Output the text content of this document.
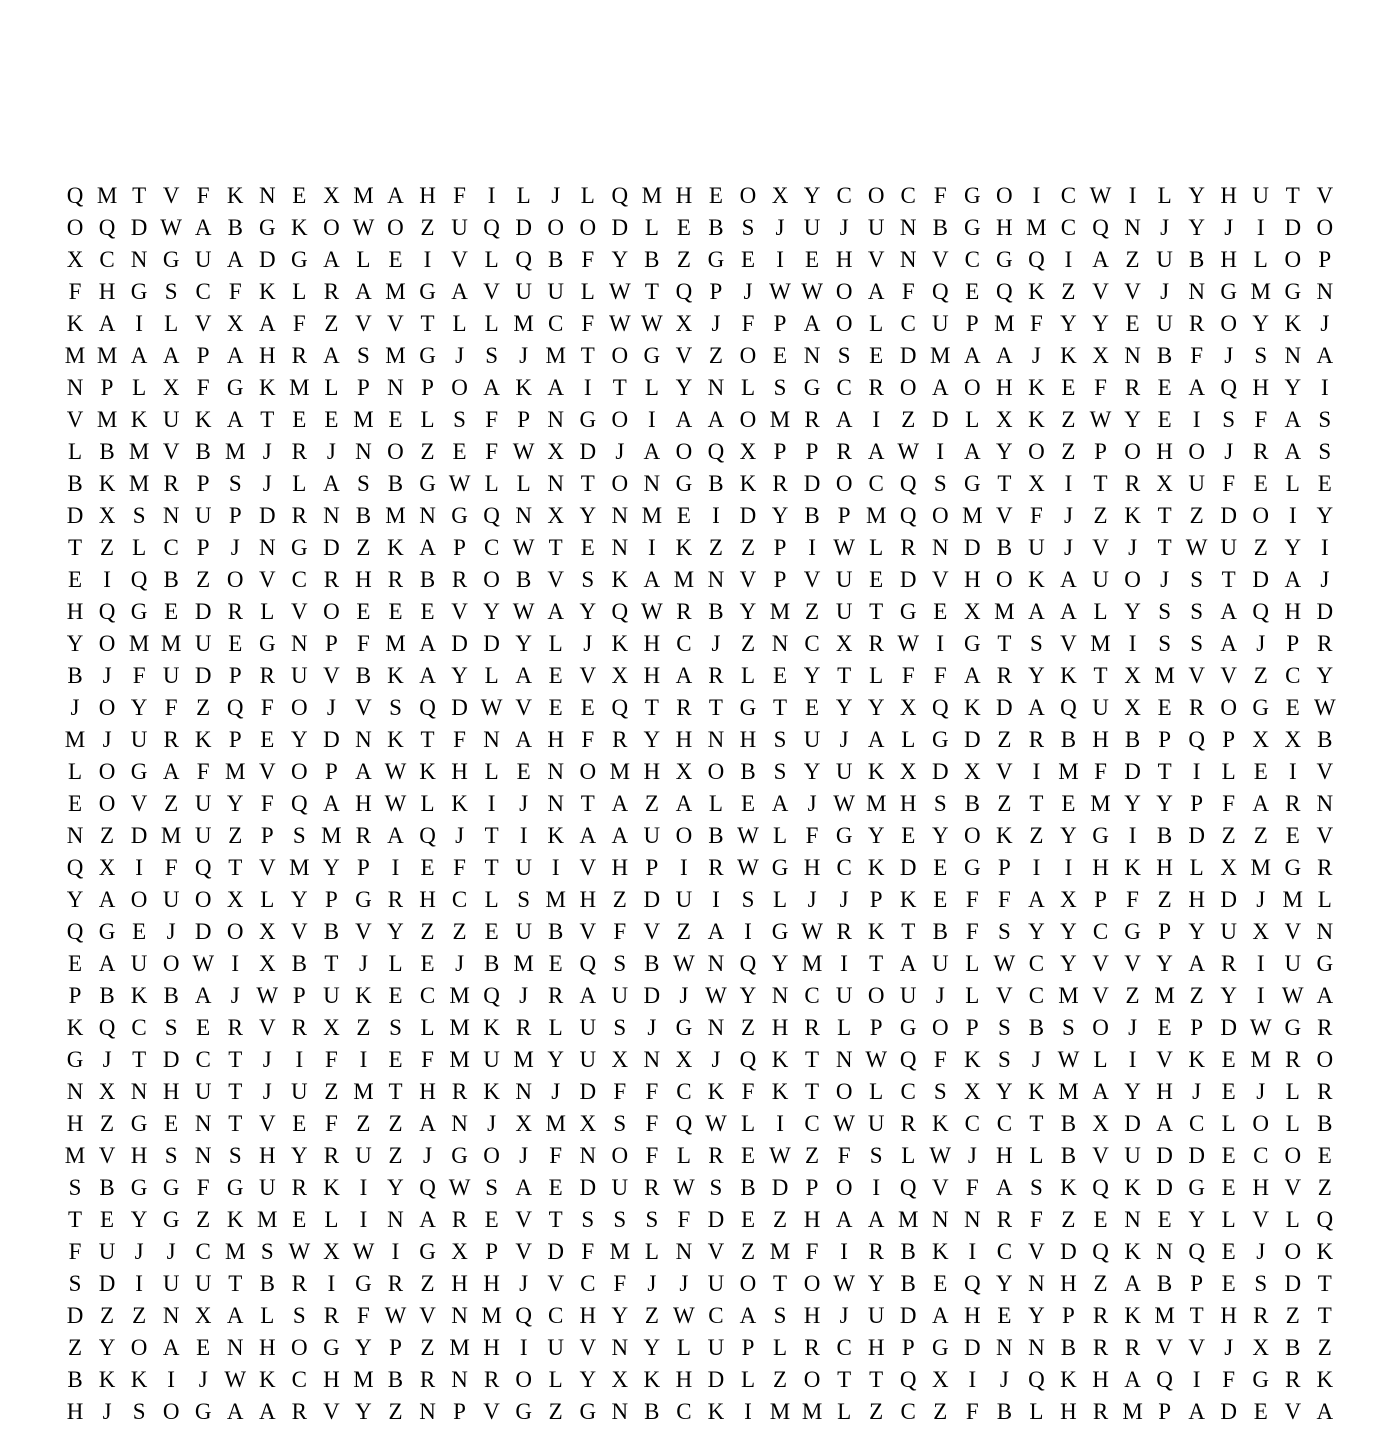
Q M T V F K N E X M A H F I L J L Q M H E O X Y C O C F G O I C W I L Y H U T V
O Q D W A B G K O W O Z U Q D O O D L E B S J U J U N B G H M C Q N J Y J	I D O
X C N G U A D G A L E I V L Q B F Y B Z G E I E H V N V C G Q I A Z U B H L O P
F H G S C F K L R A M G A V U U L W T Q P J W W O A F Q E Q K Z V V J N G M G N
K A I L V X A F Z V V T L L M C F W W X J F P A O L C U P M F Y Y E U R O Y K J
M M A A P A H R A S M G J S J M T O G V Z O E N S E D M A A J K X N B F J S N A
N P L X F G K M L P N P O A K A I T L Y N L S G C R O A O H K E F R E A Q H Y I
V M K U K A T E E M E L S F P N G O I A A O M R A I Z D L X K Z W Y E I S F A S
L B M V B M J R J N O Z E F W X D J A O Q X P P R A W I A Y O Z P O H O J R A S
B K M R P S J L A S B G W L L N T O N G B K R D O C Q S G T X I T R X U F E L E
D X S N U P D R N B M N G Q N X Y N M E I D Y B P M Q O M V F J Z K T Z D O I Y
T Z L C P J N G D Z K A P C W T E N I K Z Z P I W L R N D B U J V J T W U Z Y I
E I Q B Z O V C R H R B R O B V S K A M N V P V U E D V H O K A U O J S T D A J
H Q G E D R L V O E E E V Y W A Y Q W R B Y M Z U T G E X M A A L Y S S A Q H D
Y O M M U E G N P F M A D D Y L J K H C J Z N C X R W I G T S V M I S S A J P R
B J F U D P R U V B K A Y L A E V X H A R L E Y T L F F A R Y K T X M V V Z C Y
J O Y F Z Q F O J V S Q D W V E E Q T R T G T E Y Y X Q K D A Q U X E R O G E W
M J U R K P E Y D N K T F N A H F R Y H N H S U J A L G D Z R B H B P Q P X X B
L O G A F M V O P A W K H L E N O M H X O B S Y U K X D X V I M F D T I L E I V
E O V Z U Y F Q A H W L K I	J N T A Z A L E A J W M H S B Z T E M Y Y P F A R N
N Z D M U Z P S M R A Q J T I K A A U O B W L F G Y E Y O K Z Y G I B D Z Z E V
Q X I F Q T V M Y P I E F T U I V H P I R W G H C K D E G P I	I H K H L X M G R
Y A O U O X L Y P G R H C L S M H Z D U I S L J	J P K E F F A X P F Z H D J M L
Q G E J D O X V B V Y Z Z E U B V F V Z A I G W R K T B F S Y Y C G P Y U X V N
E A U O W I X B T J L E J B M E Q S B W N Q Y M I T A U L W C Y V V Y A R I U G
P B K B A J W P U K E C M Q J R A U D J W Y N C U O U J L V C M V Z M Z Y I W A
K Q C S E R V R X Z S L M K R L U S J G N Z H R L P G O P S B S O J E P D W G R
G J T D C T J	I F I E F M U M Y U X N X J Q K T N W Q F K S J W L I V K E M R O
N X N H U T J U Z M T H R K N J D F F C K F K T O L C S X Y K M A Y H J E J L R
H Z G E N T V E F Z Z A N J X M X S F Q W L I C W U R K C C T B X D A C L O L B
M V H S N S H Y R U Z J G O J F N O F L R E W Z F S L W J H L B V U D D E C O E
S B G G F G U R K I Y Q W S A E D U R W S B D P O I Q V F A S K Q K D G E H V Z
T E Y G Z K M E L I N A R E V T S S S F D E Z H A A M N N R F Z E N E Y L V L Q
F U J	J C M S W X W I G X P V D F M L N V Z M F I R B K I C V D Q K N Q E J O K
S D I U U T B R I G R Z H H J V C F J	J U O T O W Y B E Q Y N H Z A B P E S D T
D Z Z N X A L S R F W V N M Q C H Y Z W C A S H J U D A H E Y P R K M T H R Z T
Z Y O A E N H O G Y P Z M H I U V N Y L U P L R C H P G D N N B R R V V J X B Z
B K K I	J W K C H M B R N R O L Y X K H D L Z O T T Q X I	J Q K H A Q I F G R K
H J S O G A A R V Y Z N P V G Z G N B C K I M M L Z C Z F B L H R M P A D E V A
